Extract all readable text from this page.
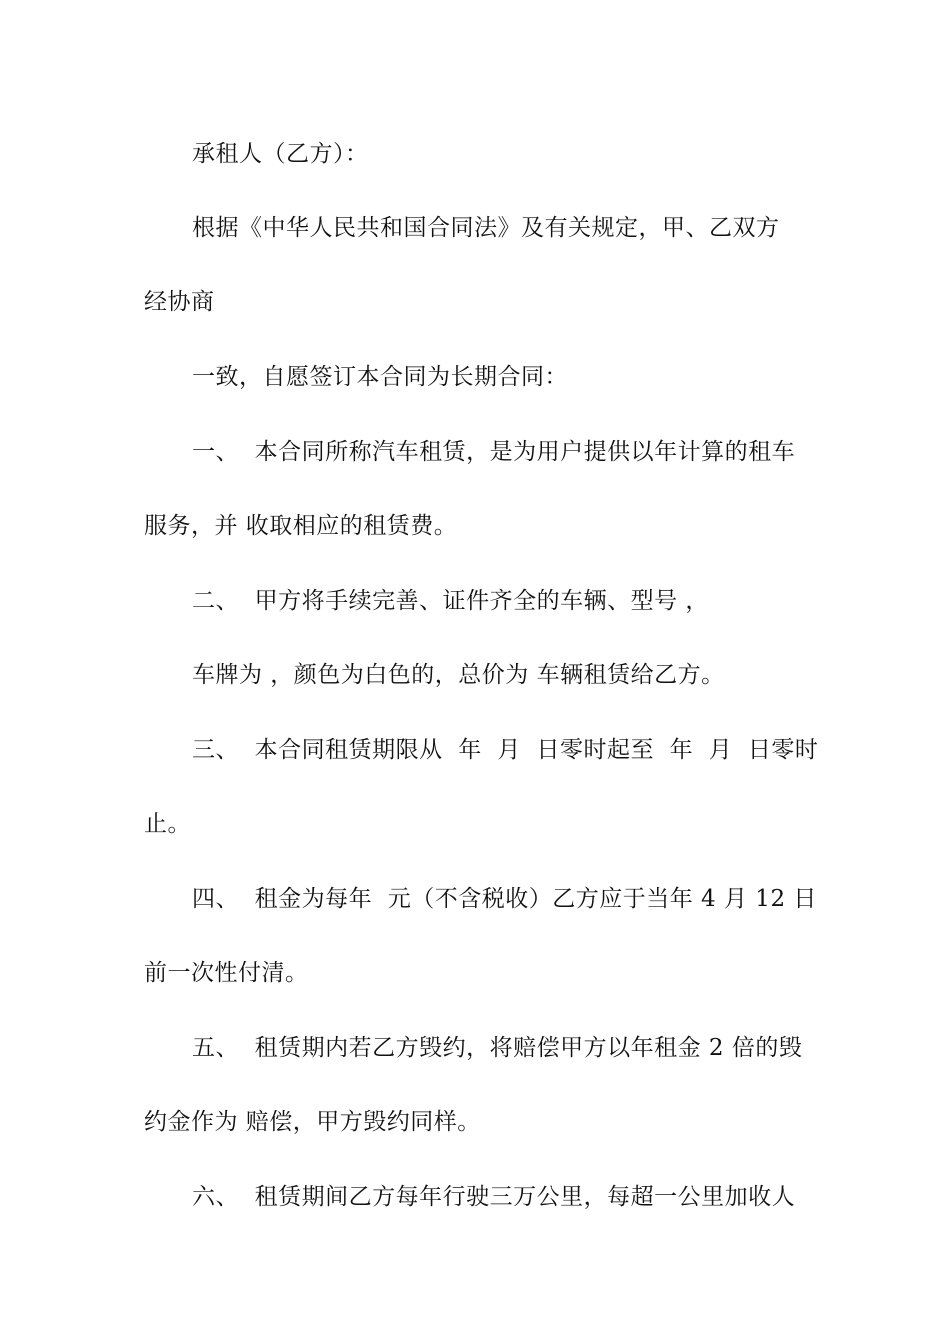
承租人（乙方）：
根据《中华人民共和国合同法》及有关规定，甲、乙双方
经协商
一致，自愿签订本合同为长期合同：
一、  本合同所称汽车租赁，是为用户提供以年计算的租车
服务，并 收取相应的租赁费。
二、  甲方将手续完善、证件齐全的车辆、型号 ，
车牌为 ，颜色为白色的，总价为 车辆租赁给乙方。
三、  本合同租赁期限从  年  月  日零时起至  年  月  日零时
止。
四、  租金为每年  元（不含税收）乙方应于当年 4 月 12 日
前一次性付清。
五、  租赁期内若乙方毁约，将赔偿甲方以年租金 2 倍的毁
约金作为 赔偿，甲方毁约同样。
六、  租赁期间乙方每年行驶三万公里，每超一公里加收人
